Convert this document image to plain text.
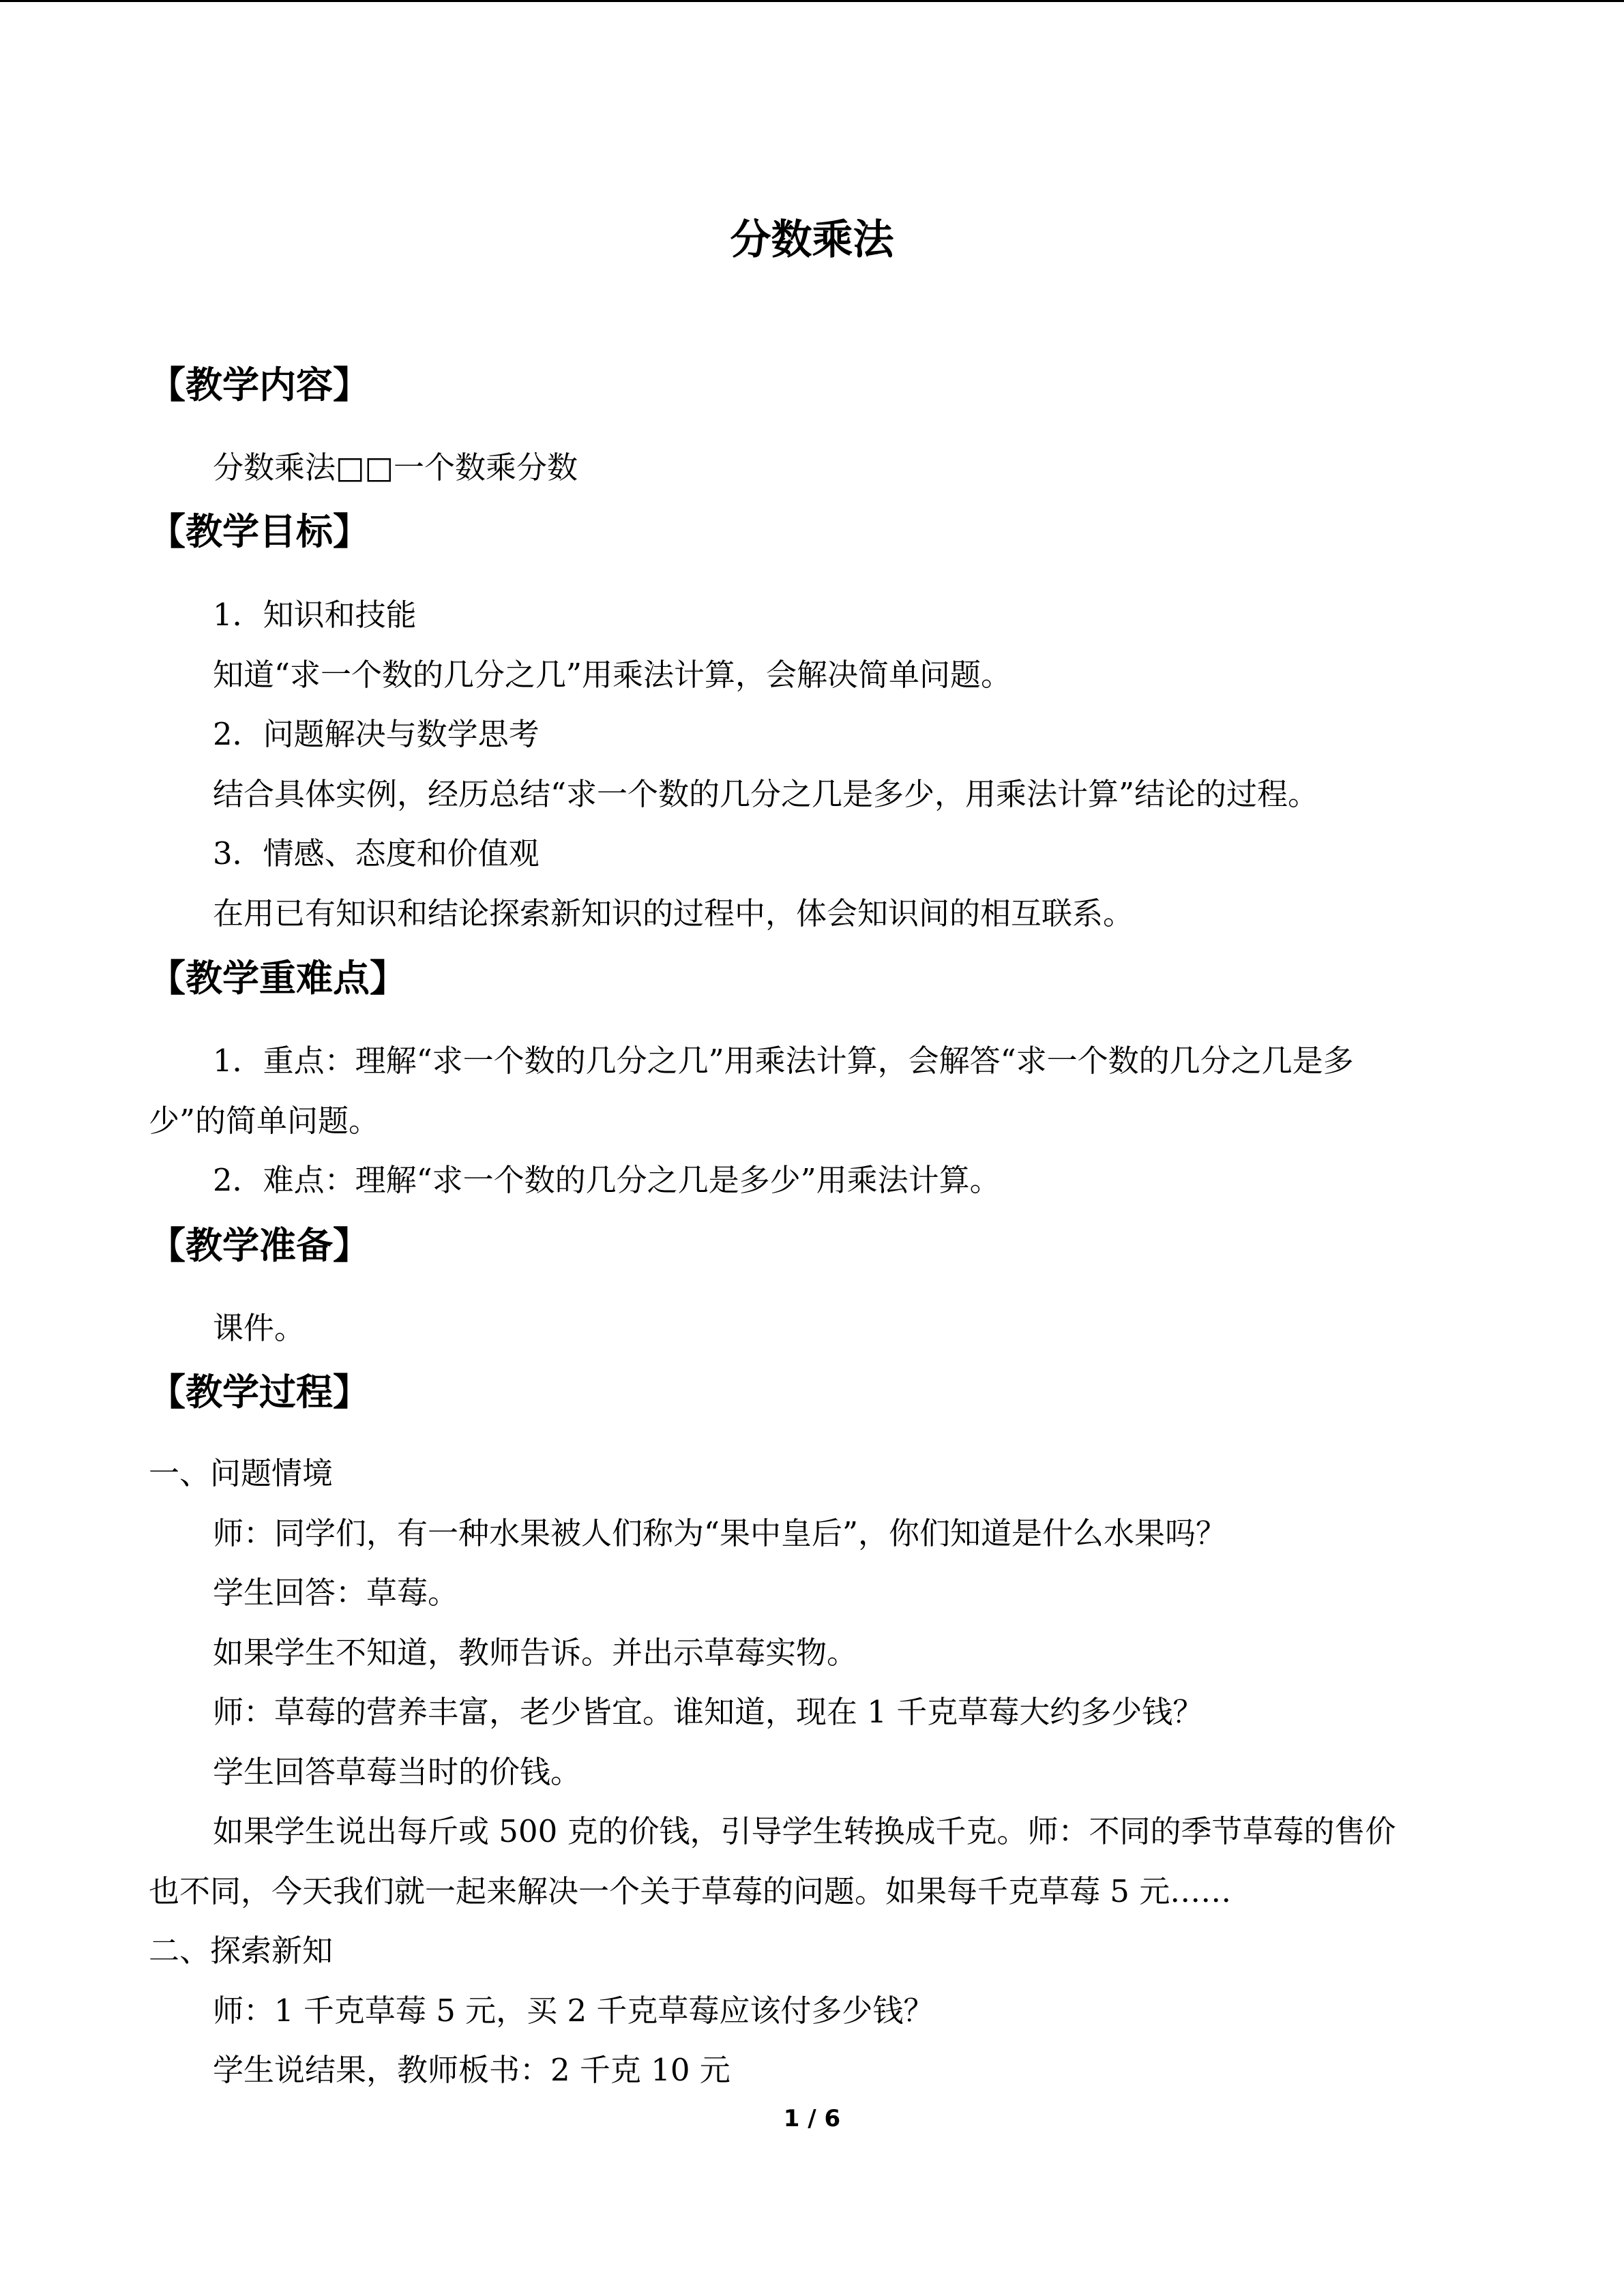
分数乘法
【教学内容】
分数乘法□□一个数乘分数
【教学目标】
1．知识和技能
知道“求一个数的几分之几”用乘法计算，会解决简单问题。
2．问题解决与数学思考
结合具体实例，经历总结“求一个数的几分之几是多少，用乘法计算”结论的过程。
3．情感、态度和价值观
在用已有知识和结论探索新知识的过程中，体会知识间的相互联系。
【教学重难点】
1．重点：理解“求一个数的几分之几”用乘法计算，会解答“求一个数的几分之几是多
少”的简单问题。
2．难点：理解“求一个数的几分之几是多少”用乘法计算。
【教学准备】
课件。
【教学过程】
一、问题情境
师：同学们，有一种水果被人们称为“果中皇后”，你们知道是什么水果吗？
学生回答：草莓。
如果学生不知道，教师告诉。并出示草莓实物。
师：草莓的营养丰富，老少皆宜。谁知道，现在 1 千克草莓大约多少钱？
学生回答草莓当时的价钱。
如果学生说出每斤或 500 克的价钱，引导学生转换成千克。师：不同的季节草莓的售价
也不同，今天我们就一起来解决一个关于草莓的问题。如果每千克草莓 5 元……
二、探索新知
师：1 千克草莓 5 元，买 2 千克草莓应该付多少钱？
学生说结果，教师板书：2 千克 10 元
1 / 6
